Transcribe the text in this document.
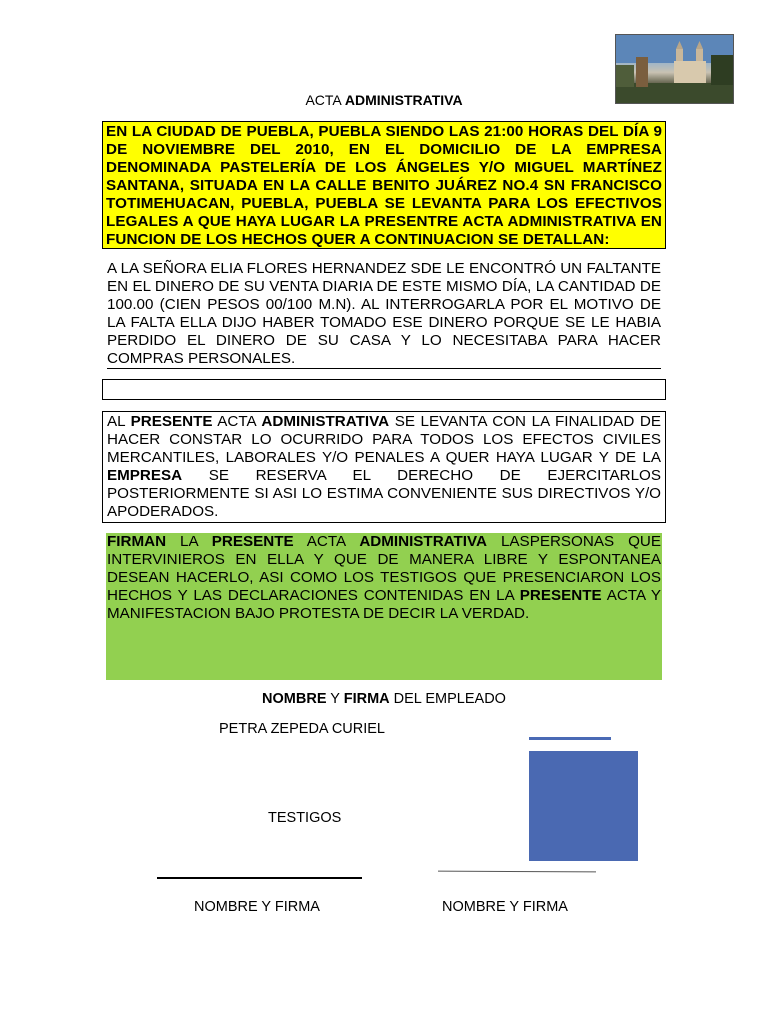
ACTA ADMINISTRATIVA
EN LA CIUDAD DE PUEBLA, PUEBLA SIENDO LAS 21:00 HORAS DEL DÍA 9 DE NOVIEMBRE DEL 2010, EN EL DOMICILIO DE LA EMPRESA DENOMINADA PASTELERÍA DE LOS ÁNGELES Y/O MIGUEL MARTÍNEZ SANTANA, SITUADA EN LA CALLE BENITO JUÁREZ NO.4 SN FRANCISCO TOTIMEHUACAN, PUEBLA, PUEBLA SE LEVANTA PARA LOS EFECTIVOS LEGALES A QUE HAYA LUGAR LA PRESENTRE ACTA ADMINISTRATIVA EN FUNCION DE LOS HECHOS QUER A CONTINUACION SE DETALLAN:
A LA SEÑORA ELIA FLORES HERNANDEZ SDE LE ENCONTRÓ UN FALTANTE EN EL DINERO DE SU VENTA DIARIA DE ESTE MISMO DÍA, LA CANTIDAD DE 100.00 (CIEN PESOS 00/100 M.N). AL INTERROGARLA POR EL MOTIVO DE LA FALTA ELLA DIJO HABER TOMADO ESE DINERO PORQUE SE LE HABIA PERDIDO EL DINERO DE SU CASA Y LO NECESITABA PARA HACER COMPRAS PERSONALES.
AL PRESENTE ACTA ADMINISTRATIVA SE LEVANTA CON LA FINALIDAD DE HACER CONSTAR LO OCURRIDO PARA TODOS LOS EFECTOS CIVILES MERCANTILES, LABORALES Y/O PENALES A QUER HAYA LUGAR Y DE LA EMPRESA SE RESERVA EL DERECHO DE EJERCITARLOS POSTERIORMENTE SI ASI LO ESTIMA CONVENIENTE SUS DIRECTIVOS Y/O APODERADOS.
FIRMAN LA PRESENTE ACTA ADMINISTRATIVA LASPERSONAS QUE INTERVINIEROS EN ELLA Y QUE DE MANERA LIBRE Y ESPONTANEA DESEAN HACERLO, ASI COMO LOS TESTIGOS QUE PRESENCIARON LOS HECHOS Y LAS DECLARACIONES CONTENIDAS EN LA PRESENTE ACTA Y MANIFESTACION BAJO PROTESTA DE DECIR LA VERDAD.
NOMBRE Y FIRMA DEL EMPLEADO
PETRA ZEPEDA CURIEL
TESTIGOS
NOMBRE Y FIRMA	NOMBRE Y FIRMA
